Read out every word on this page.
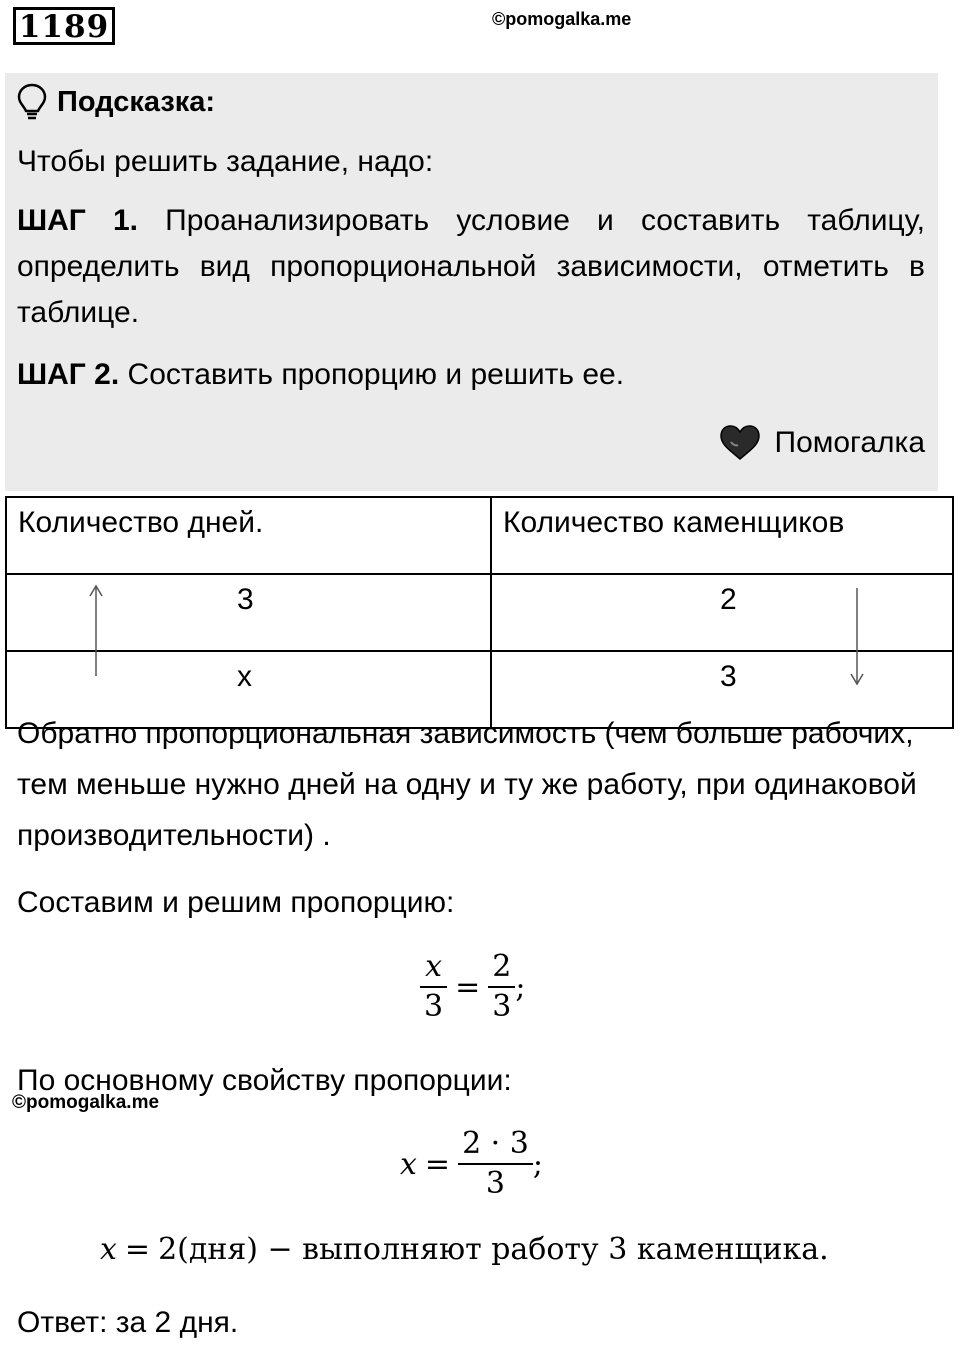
1189	©pomogalka.me
Подсказка:
Чтобы решить задание, надо:
ШАГ 1. Проанализировать условие и составить таблицу, определить вид пропорциональной зависимости, отметить в таблице.
ШАГ 2. Составить пропорцию и решить ее.
Помогалка
Количество дней.	Количество каменщиков
3	2
x	3
Обратно пропорциональная зависимость (чем больше рабочих, тем меньше нужно дней на одну и ту же работу, при одинаковой производительности) .
Составим и решим пропорцию:
$\frac{x}{3} = \frac{2}{3}$ ;
По основному свойству пропорции:
©pomogalka.me
$x = \frac{2 \cdot 3}{3}$ ;
x = 2(дня) − выполняют работу 3 каменщика.
Ответ: за 2 дня.
